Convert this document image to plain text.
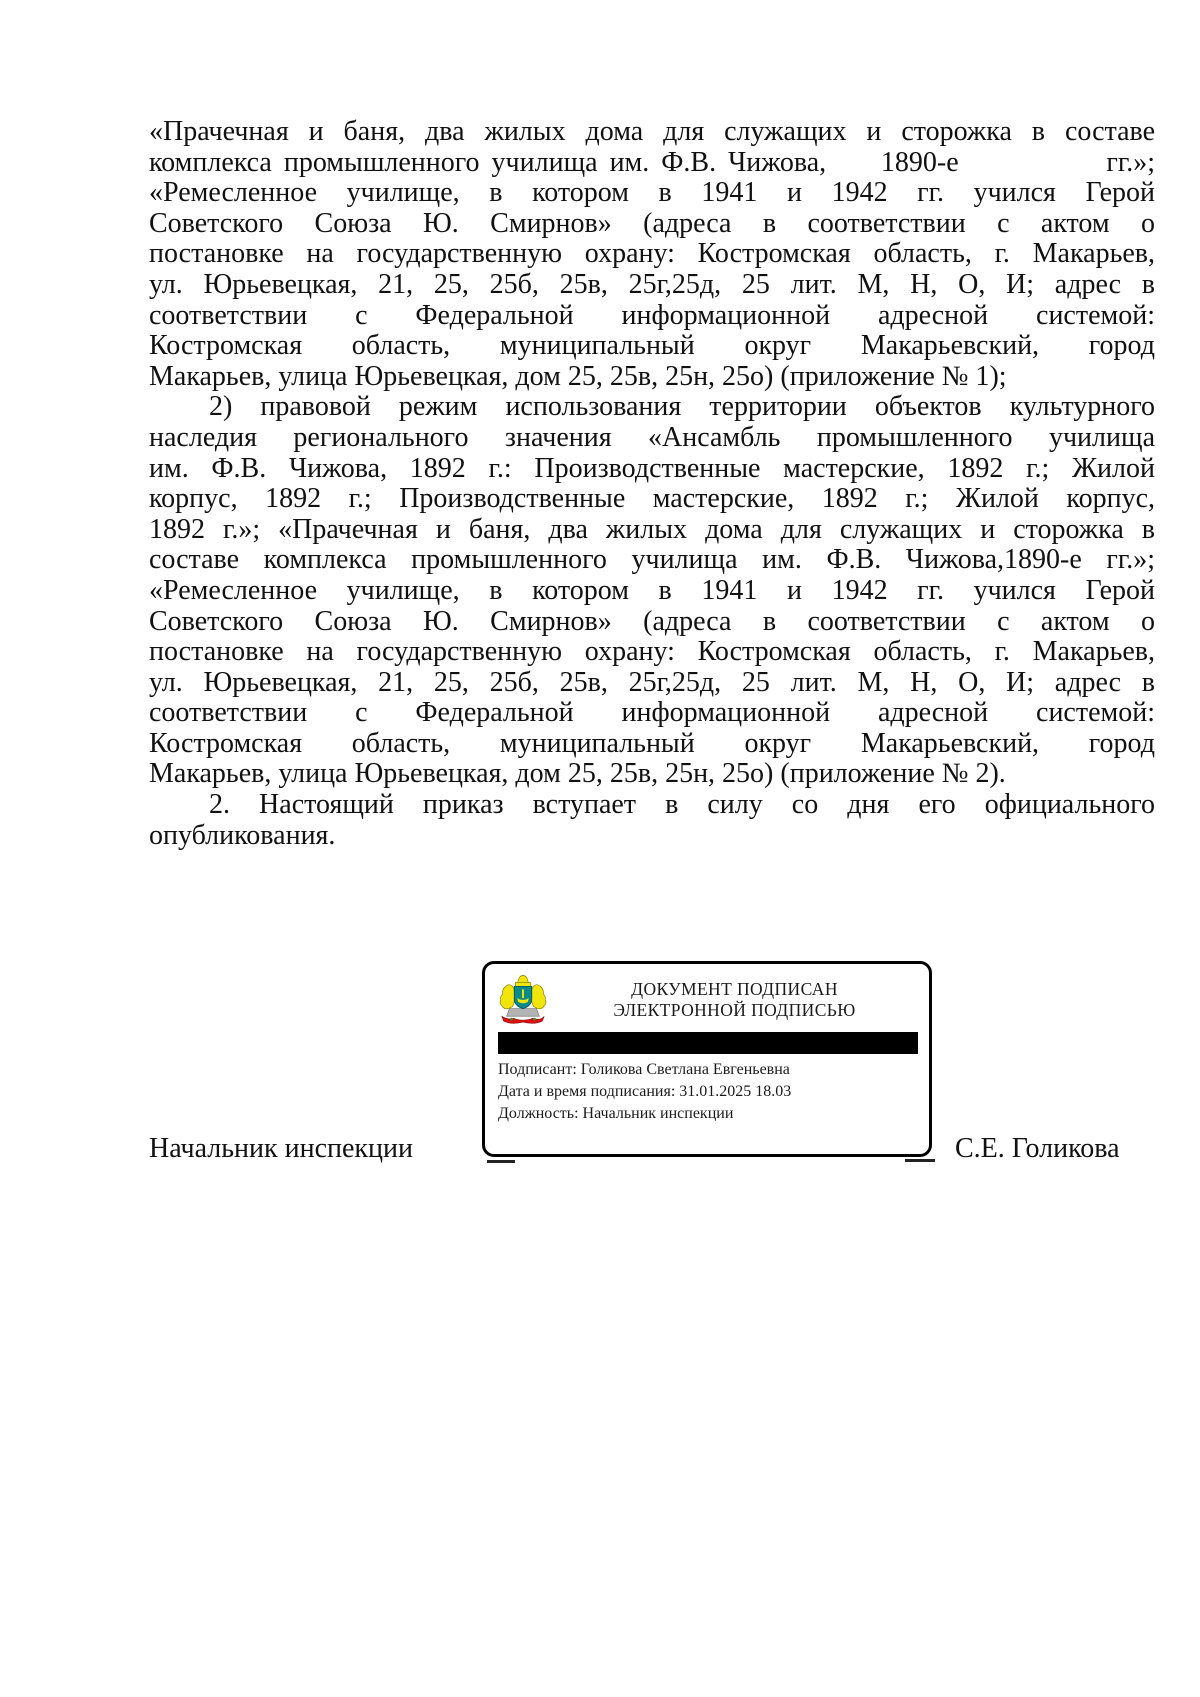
«Прачечная и баня, два жилых дома для служащих и сторожка в составе
комплекса промышленного училища им. Ф.В. Чижова, 1890-е	гг.»;
«Ремесленное училище, в котором в 1941 и 1942 гг. учился Герой
Советского Союза Ю. Смирнов» (адреса в соответствии с актом о
постановке на государственную охрану: Костромская область, г. Макарьев,
ул. Юрьевецкая, 21, 25, 25б, 25в, 25г,25д, 25 лит. М, Н, О, И; адрес в
соответствии с Федеральной информационной адресной системой:
Костромская область, муниципальный округ Макарьевский, город
Макарьев, улица Юрьевецкая, дом 25, 25в, 25н, 25о) (приложение № 1);
2) правовой режим использования территории объектов культурного
наследия регионального значения «Ансамбль промышленного училища
им. Ф.В. Чижова, 1892 г.: Производственные мастерские, 1892 г.; Жилой
корпус, 1892 г.; Производственные мастерские, 1892 г.; Жилой корпус,
1892 г.»; «Прачечная и баня, два жилых дома для служащих и сторожка в
составе комплекса промышленного училища им. Ф.В. Чижова,1890-е гг.»;
«Ремесленное училище, в котором в 1941 и 1942 гг. учился Герой
Советского Союза Ю. Смирнов» (адреса в соответствии с актом о
постановке на государственную охрану: Костромская область, г. Макарьев,
ул. Юрьевецкая, 21, 25, 25б, 25в, 25г,25д, 25 лит. М, Н, О, И; адрес в
соответствии с Федеральной информационной адресной системой:
Костромская область, муниципальный округ Макарьевский, город
Макарьев, улица Юрьевецкая, дом 25, 25в, 25н, 25о) (приложение № 2).
2. Настоящий приказ вступает в силу со дня его официального
опубликования.
ДОКУМЕНТ ПОДПИСАН
ЭЛЕКТРОННОЙ ПОДПИСЬЮ
Подписант: Голикова Светлана Евгеньевна
Дата и время подписания: 31.01.2025 18.03
Должность: Начальник инспекции
Начальник инспекции	С.Е. Голикова
